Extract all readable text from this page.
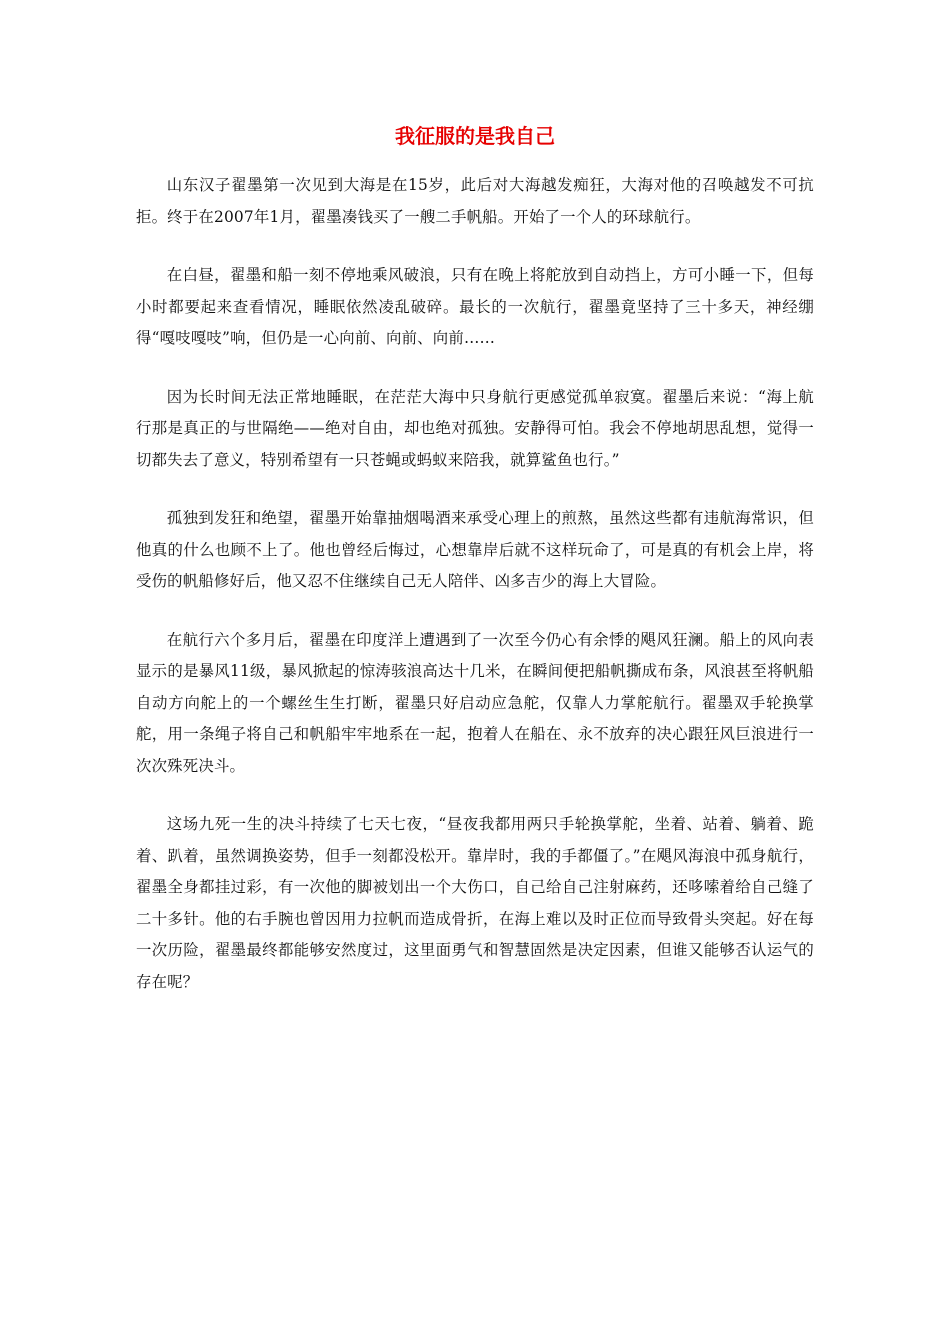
我征服的是我自己

山东汉子翟墨第一次见到大海是在15岁，此后对大海越发痴狂，大海对他的召唤越发不可抗拒。终于在2007年1月，翟墨凑钱买了一艘二手帆船。开始了一个人的环球航行。

在白昼，翟墨和船一刻不停地乘风破浪，只有在晚上将舵放到自动挡上，方可小睡一下，但每小时都要起来查看情况，睡眠依然凌乱破碎。最长的一次航行，翟墨竟坚持了三十多天，神经绷得“嘎吱嘎吱”响，但仍是一心向前、向前、向前……

因为长时间无法正常地睡眠，在茫茫大海中只身航行更感觉孤单寂寞。翟墨后来说：“海上航行那是真正的与世隔绝——绝对自由，却也绝对孤独。安静得可怕。我会不停地胡思乱想，觉得一切都失去了意义，特别希望有一只苍蝇或蚂蚁来陪我，就算鲨鱼也行。”

孤独到发狂和绝望，翟墨开始靠抽烟喝酒来承受心理上的煎熬，虽然这些都有违航海常识，但他真的什么也顾不上了。他也曾经后悔过，心想靠岸后就不这样玩命了，可是真的有机会上岸，将受伤的帆船修好后，他又忍不住继续自己无人陪伴、凶多吉少的海上大冒险。

在航行六个多月后，翟墨在印度洋上遭遇到了一次至今仍心有余悸的飓风狂澜。船上的风向表显示的是暴风11级，暴风掀起的惊涛骇浪高达十几米，在瞬间便把船帆撕成布条，风浪甚至将帆船自动方向舵上的一个螺丝生生打断，翟墨只好启动应急舵，仅靠人力掌舵航行。翟墨双手轮换掌舵，用一条绳子将自己和帆船牢牢地系在一起，抱着人在船在、永不放弃的决心跟狂风巨浪进行一次次殊死决斗。

这场九死一生的决斗持续了七天七夜，“昼夜我都用两只手轮换掌舵，坐着、站着、躺着、跪着、趴着，虽然调换姿势，但手一刻都没松开。靠岸时，我的手都僵了。”在飓风海浪中孤身航行，翟墨全身都挂过彩，有一次他的脚被划出一个大伤口，自己给自己注射麻药，还哆嗦着给自己缝了二十多针。他的右手腕也曾因用力拉帆而造成骨折，在海上难以及时正位而导致骨头突起。好在每一次历险，翟墨最终都能够安然度过，这里面勇气和智慧固然是决定因素，但谁又能够否认运气的存在呢？
